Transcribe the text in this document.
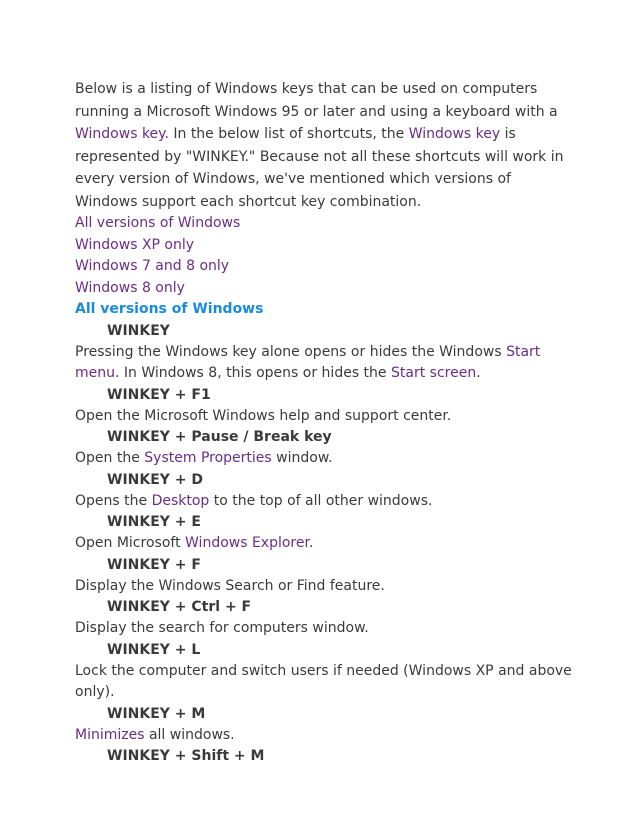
Below is a listing of Windows keys that can be used on computers running a Microsoft Windows 95 or later and using a keyboard with a Windows key. In the below list of shortcuts, the Windows key is represented by "WINKEY." Because not all these shortcuts will work in every version of Windows, we've mentioned which versions of Windows support each shortcut key combination.

All versions of Windows
Windows XP only
Windows 7 and 8 only
Windows 8 only

All versions of Windows

WINKEY

Pressing the Windows key alone opens or hides the Windows Start menu. In Windows 8, this opens or hides the Start screen.

WINKEY + F1

Open the Microsoft Windows help and support center.

WINKEY + Pause / Break key

Open the System Properties window.

WINKEY + D

Opens the Desktop to the top of all other windows.

WINKEY + E

Open Microsoft Windows Explorer.

WINKEY + F

Display the Windows Search or Find feature.

WINKEY + Ctrl + F

Display the search for computers window.

WINKEY + L

Lock the computer and switch users if needed (Windows XP and above only).

WINKEY + M

Minimizes all windows.

WINKEY + Shift + M
